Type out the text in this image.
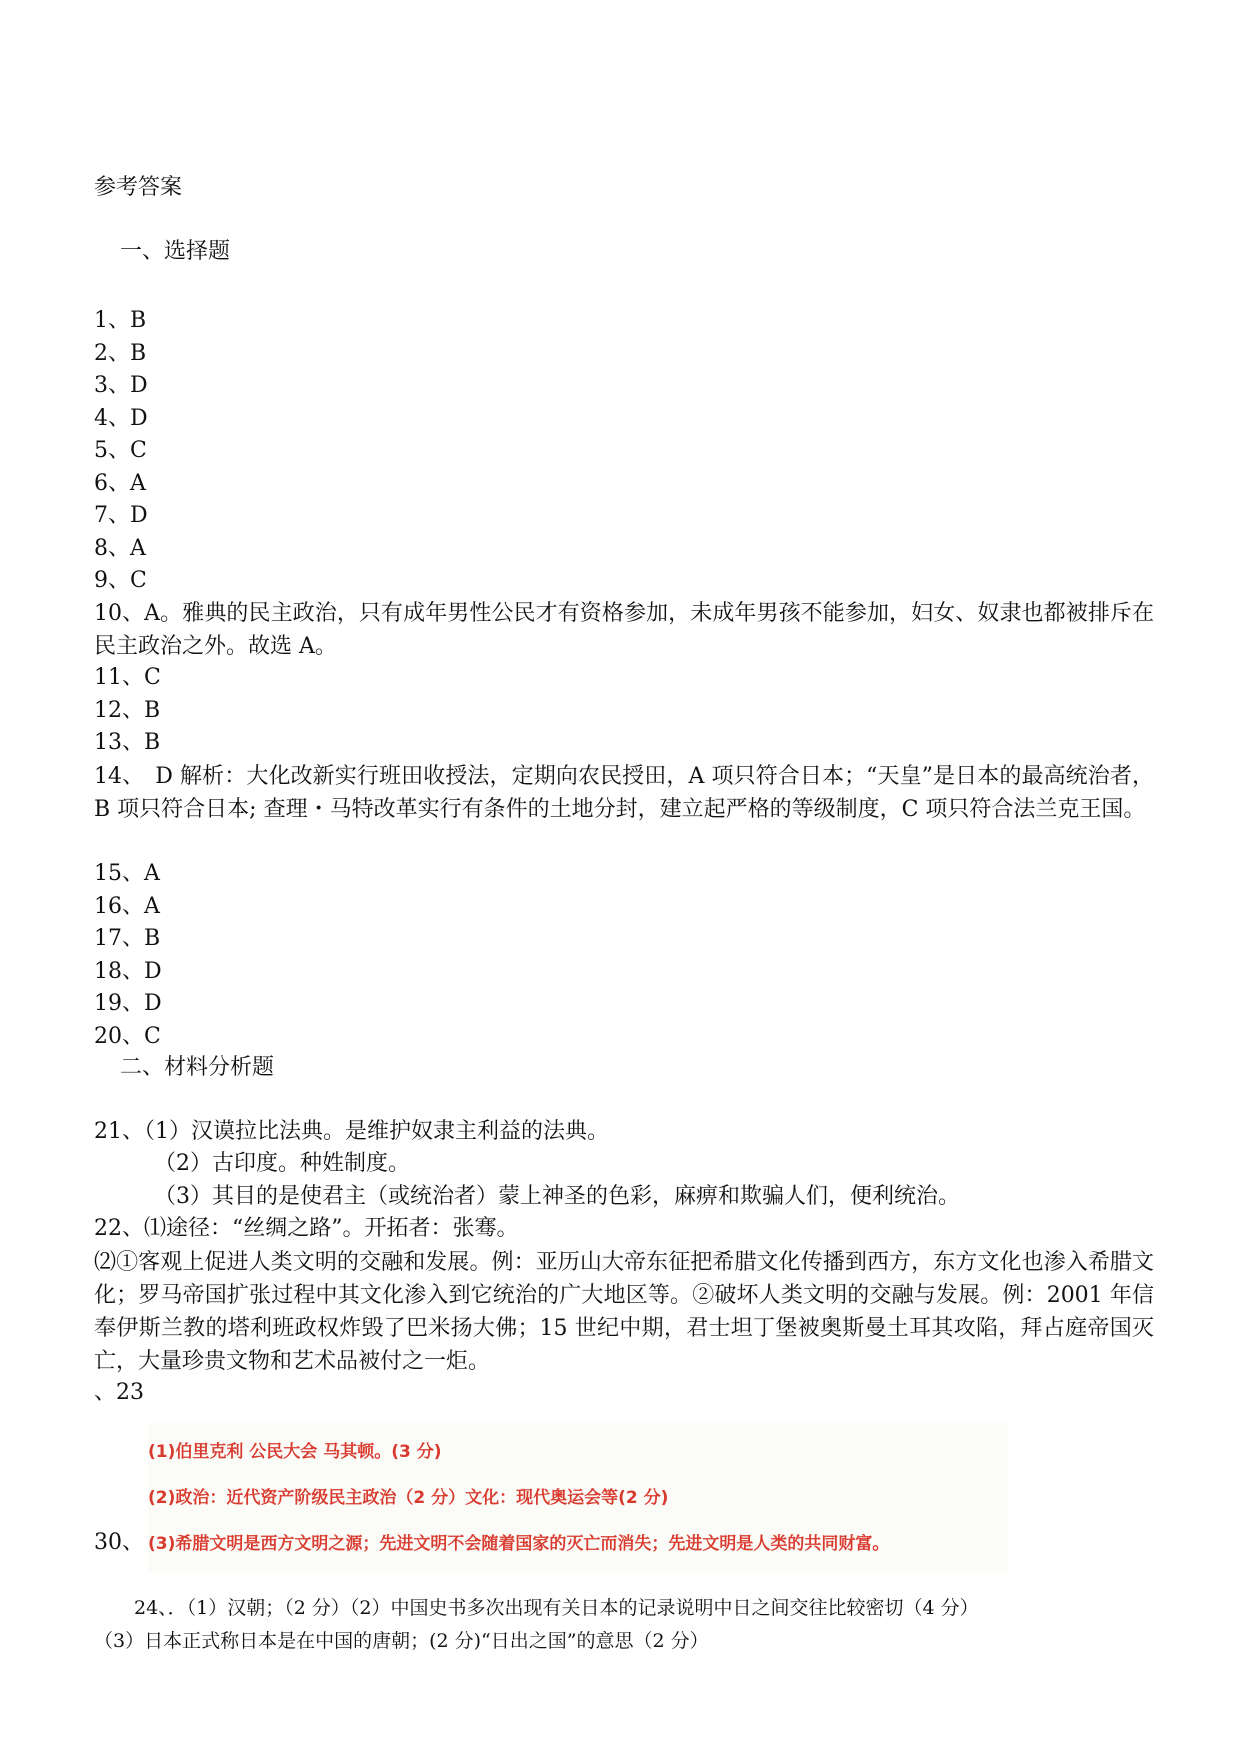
参考答案
一、选择题
1、B
2、B
3、D
4、D
5、C
6、A
7、D
8、A
9、C
10、A。雅典的民主政治，只有成年男性公民才有资格参加，未成年男孩不能参加，妇女、奴隶也都被排斥在民主政治之外。故选 A。
11、C
12、B
13、B
14、　D 解析：大化改新实行班田收授法，定期向农民授田，A 项只符合日本；“天皇”是日本的最高统治者，B 项只符合日本; 查理・马特改革实行有条件的土地分封，建立起严格的等级制度，C 项只符合法兰克王国。
15、A
16、A
17、B
18、D
19、D
20、C
二、材料分析题
21、（1）汉谟拉比法典。是维护奴隶主利益的法典。
（2）古印度。种姓制度。
（3）其目的是使君主（或统治者）蒙上神圣的色彩，麻痹和欺骗人们，便利统治。
22、⑴途径：“丝绸之路”。开拓者：张骞。
⑵①客观上促进人类文明的交融和发展。例：亚历山大帝东征把希腊文化传播到西方，东方文化也渗入希腊文化；罗马帝国扩张过程中其文化渗入到它统治的广大地区等。②破坏人类文明的交融与发展。例：2001 年信奉伊斯兰教的塔利班政权炸毁了巴米扬大佛；15 世纪中期，君士坦丁堡被奥斯曼土耳其攻陷，拜占庭帝国灭亡，大量珍贵文物和艺术品被付之一炬。
、23
(1)伯里克利 公民大会 马其顿。(3 分)
(2)政治：近代资产阶级民主政治（2 分）文化：现代奥运会等(2 分)
(3)希腊文明是西方文明之源；先进文明不会随着国家的灭亡而消失；先进文明是人类的共同财富。
30、
24、．（1）汉朝；（2 分）（2）中国史书多次出现有关日本的记录说明中日之间交往比较密切（4 分）
（3）日本正式称日本是在中国的唐朝；(2 分)“日出之国”的意思（2 分）
